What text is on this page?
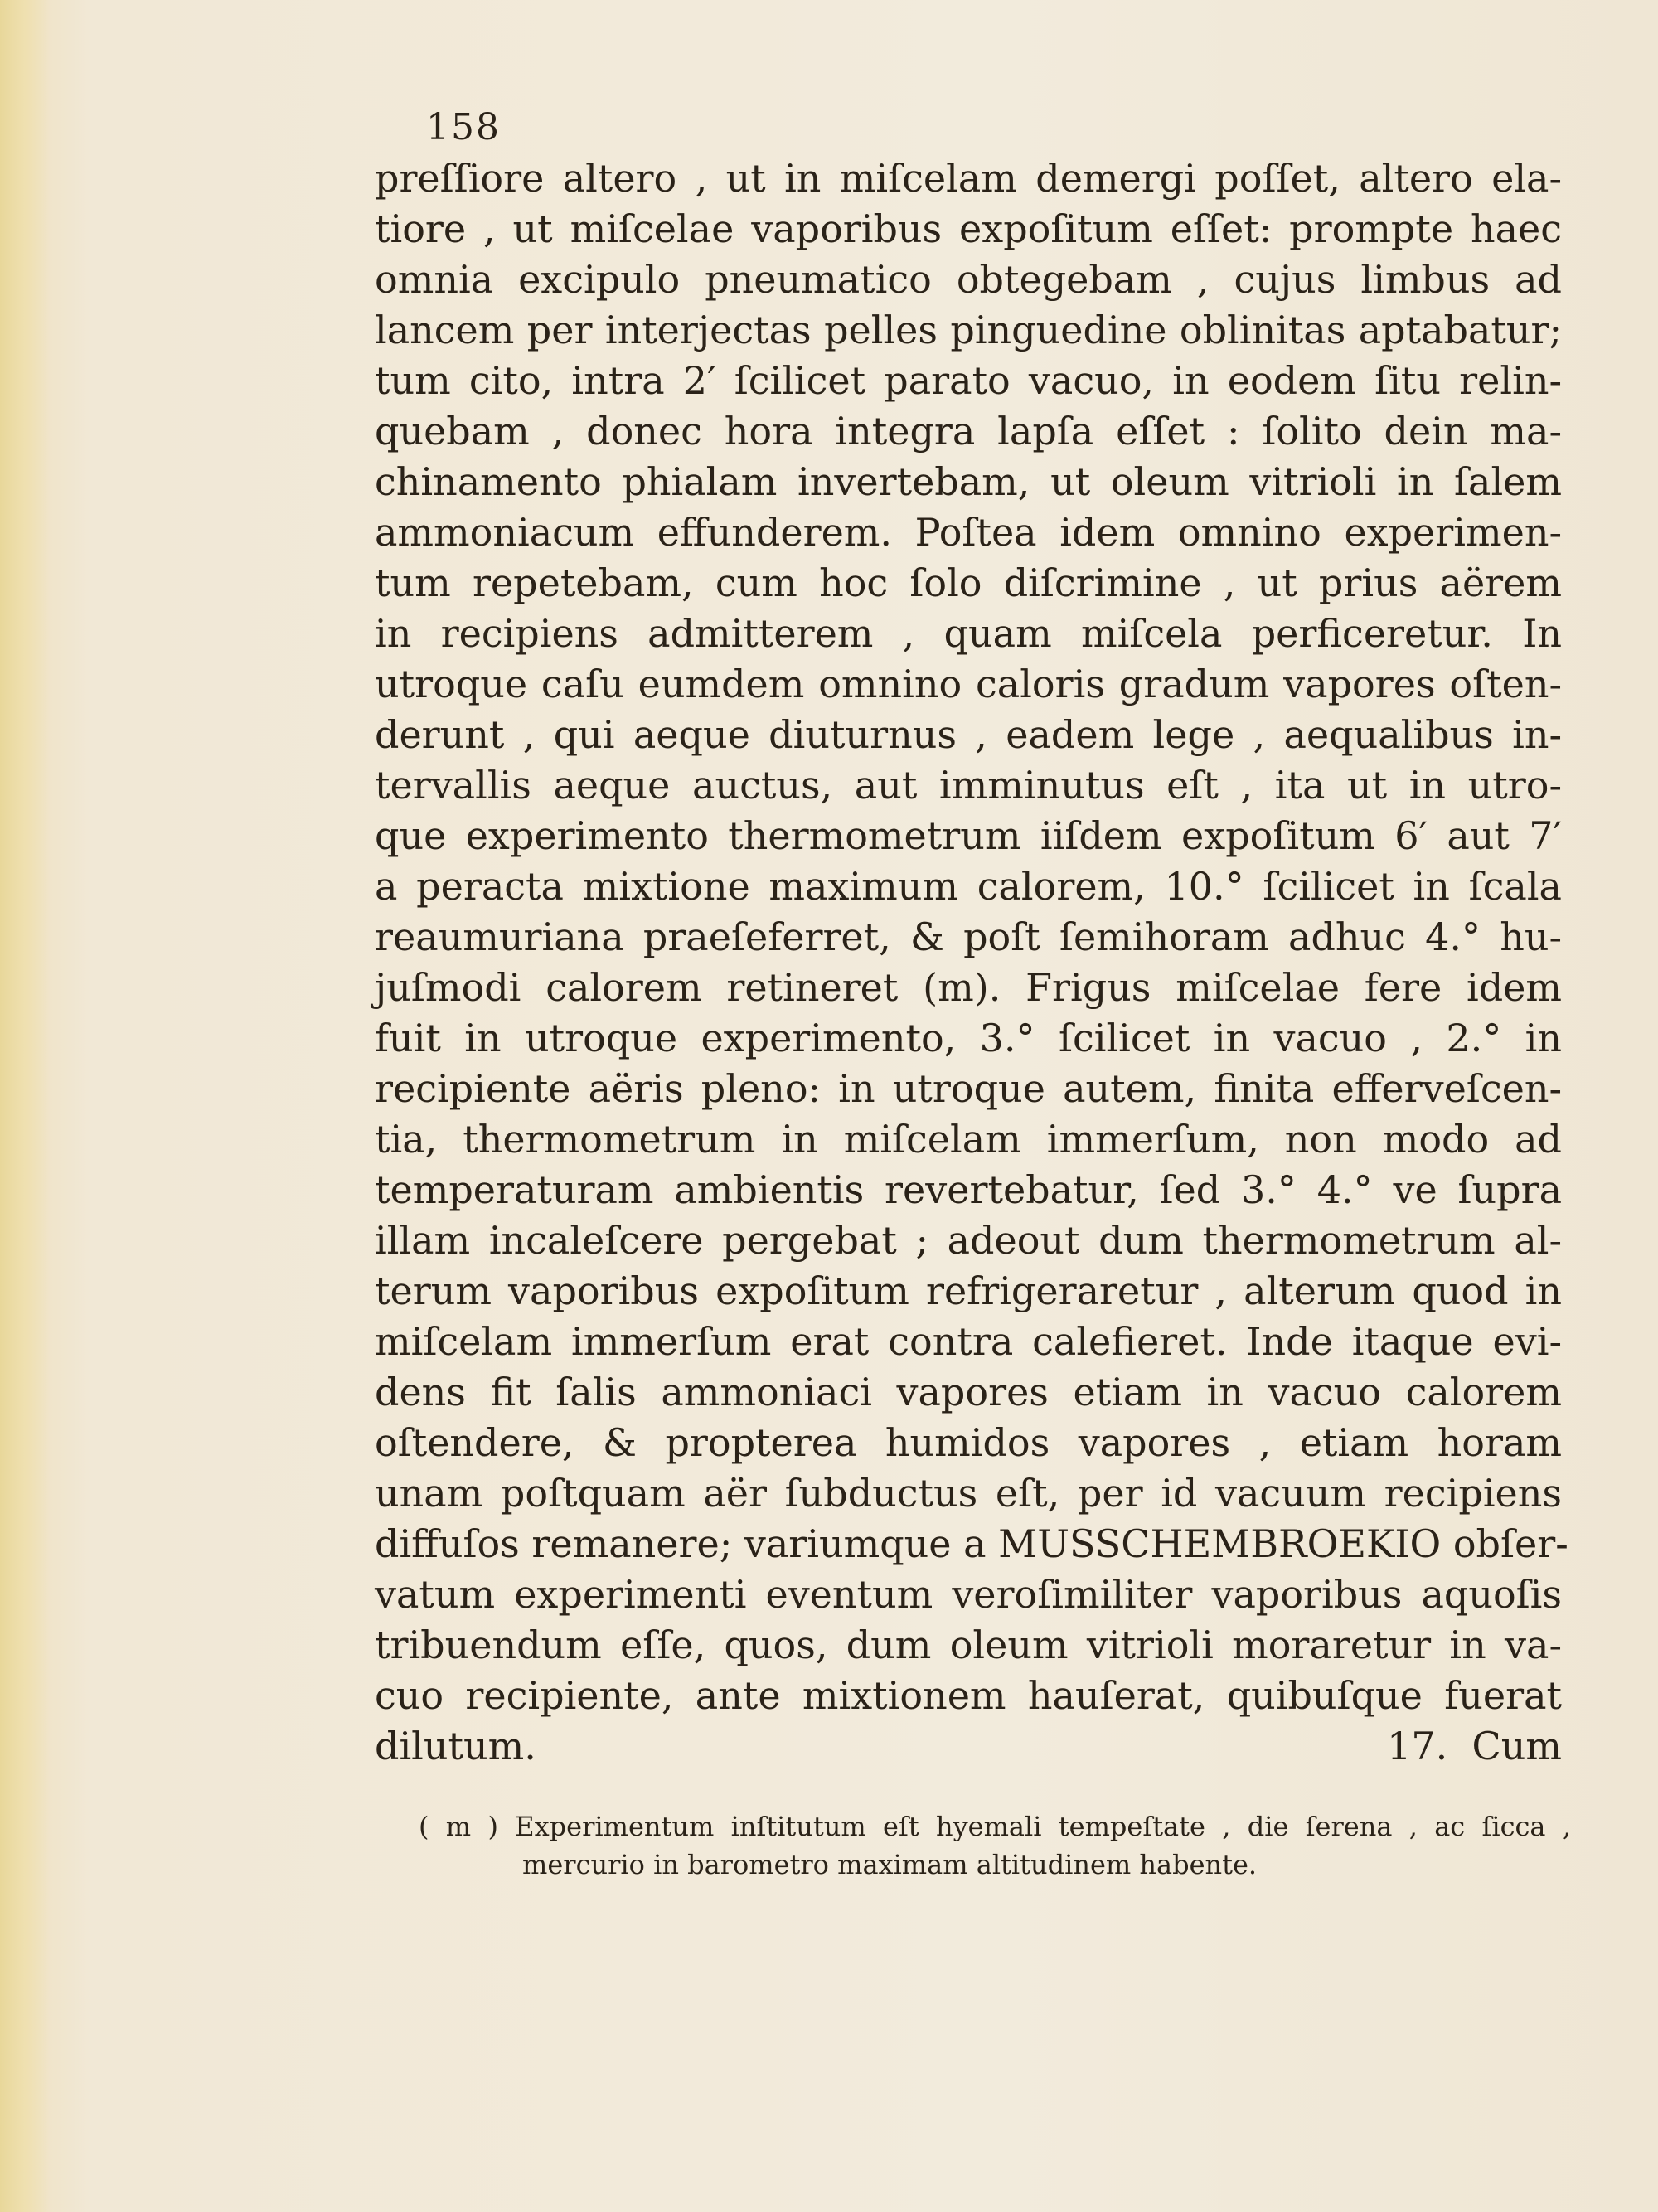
158
preſſiore altero , ut in miſcelam demergi poſſet, altero ela-
tiore , ut miſcelae vaporibus expoſitum eſſet: prompte haec
omnia excipulo pneumatico obtegebam , cujus limbus ad
lancem per interjectas pelles pinguedine oblinitas aptabatur;
tum cito, intra 2′ ſcilicet parato vacuo, in eodem ſitu relin-
quebam , donec hora integra lapſa eſſet : ſolito dein ma-
chinamento phialam invertebam, ut oleum vitrioli in ſalem
ammoniacum effunderem. Poſtea idem omnino experimen-
tum repetebam, cum hoc ſolo diſcrimine , ut prius aërem
in recipiens admitterem , quam miſcela perficeretur. In
utroque caſu eumdem omnino caloris gradum vapores oſten-
derunt , qui aeque diuturnus , eadem lege , aequalibus in-
tervallis aeque auctus, aut imminutus eſt , ita ut in utro-
que experimento thermometrum iiſdem expoſitum 6′ aut 7′
a peracta mixtione maximum calorem, 10.° ſcilicet in ſcala
reaumuriana praeſeferret, & poſt ſemihoram adhuc 4.° hu-
juſmodi calorem retineret (m). Frigus miſcelae fere idem
fuit in utroque experimento, 3.° ſcilicet in vacuo , 2.° in
recipiente aëris pleno: in utroque autem, finita efferveſcen-
tia, thermometrum in miſcelam immerſum, non modo ad
temperaturam ambientis revertebatur, ſed 3.° 4.° ve ſupra
illam incaleſcere pergebat ; adeout dum thermometrum al-
terum vaporibus expoſitum refrigeraretur , alterum quod in
miſcelam immerſum erat contra calefieret. Inde itaque evi-
dens fit ſalis ammoniaci vapores etiam in vacuo calorem
oſtendere, & propterea humidos vapores , etiam horam
unam poſtquam aër ſubductus eſt, per id vacuum recipiens
diffuſos remanere; variumque a MUSSCHEMBROEKIO obſer-
vatum experimenti eventum veroſimiliter vaporibus aquoſis
tribuendum eſſe, quos, dum oleum vitrioli moraretur in va-
cuo recipiente, ante mixtionem hauſerat, quibuſque fuerat
dilutum.                                   17. Cum
( m ) Experimentum inſtitutum eſt hyemali tempeſtate , die ſerena , ac ſicca ,
mercurio in barometro maximam altitudinem habente.
